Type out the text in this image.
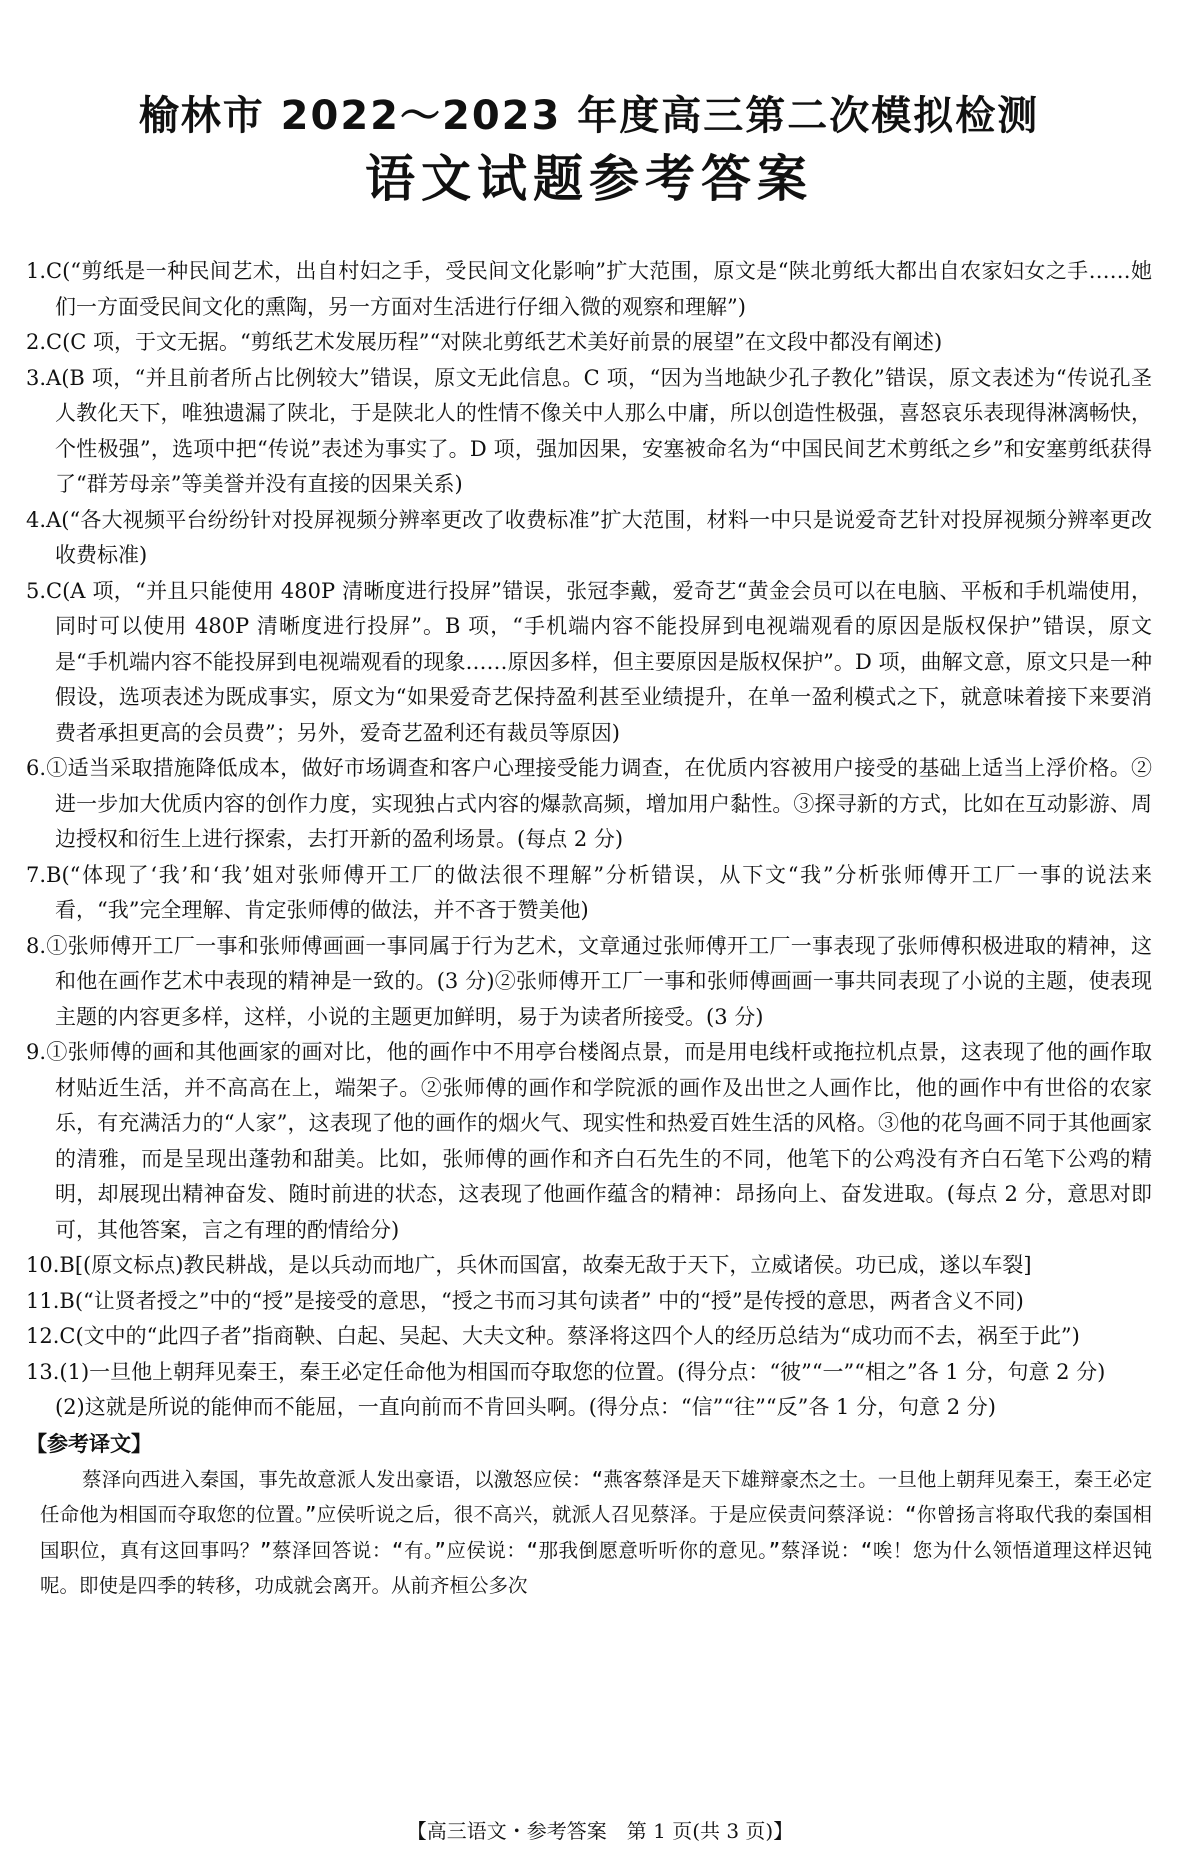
榆林市 2022～2023 年度高三第二次模拟检测
语文试题参考答案
1.C(“剪纸是一种民间艺术，出自村妇之手，受民间文化影响”扩大范围，原文是“陕北剪纸大都出自农家妇女之手……她们一方面受民间文化的熏陶，另一方面对生活进行仔细入微的观察和理解”)
2.C(C 项，于文无据。“剪纸艺术发展历程”“对陕北剪纸艺术美好前景的展望”在文段中都没有阐述)
3.A(B 项，“并且前者所占比例较大”错误，原文无此信息。C 项，“因为当地缺少孔子教化”错误，原文表述为“传说孔圣人教化天下，唯独遗漏了陕北，于是陕北人的性情不像关中人那么中庸，所以创造性极强，喜怒哀乐表现得淋漓畅快，个性极强”，选项中把“传说”表述为事实了。D 项，强加因果，安塞被命名为“中国民间艺术剪纸之乡”和安塞剪纸获得了“群芳母亲”等美誉并没有直接的因果关系)
4.A(“各大视频平台纷纷针对投屏视频分辨率更改了收费标准”扩大范围，材料一中只是说爱奇艺针对投屏视频分辨率更改收费标准)
5.C(A 项，“并且只能使用 480P 清晰度进行投屏”错误，张冠李戴，爱奇艺“黄金会员可以在电脑、平板和手机端使用，同时可以使用 480P 清晰度进行投屏”。B 项，“手机端内容不能投屏到电视端观看的原因是版权保护”错误，原文是“手机端内容不能投屏到电视端观看的现象……原因多样，但主要原因是版权保护”。D 项，曲解文意，原文只是一种假设，选项表述为既成事实，原文为“如果爱奇艺保持盈利甚至业绩提升，在单一盈利模式之下，就意味着接下来要消费者承担更高的会员费”；另外，爱奇艺盈利还有裁员等原因)
6.①适当采取措施降低成本，做好市场调查和客户心理接受能力调查，在优质内容被用户接受的基础上适当上浮价格。②进一步加大优质内容的创作力度，实现独占式内容的爆款高频，增加用户黏性。③探寻新的方式，比如在互动影游、周边授权和衍生上进行探索，去打开新的盈利场景。(每点 2 分)
7.B(“体现了‘我’和‘我’姐对张师傅开工厂的做法很不理解”分析错误，从下文“我”分析张师傅开工厂一事的说法来看，“我”完全理解、肯定张师傅的做法，并不吝于赞美他)
8.①张师傅开工厂一事和张师傅画画一事同属于行为艺术，文章通过张师傅开工厂一事表现了张师傅积极进取的精神，这和他在画作艺术中表现的精神是一致的。(3 分)②张师傅开工厂一事和张师傅画画一事共同表现了小说的主题，使表现主题的内容更多样，这样，小说的主题更加鲜明，易于为读者所接受。(3 分)
9.①张师傅的画和其他画家的画对比，他的画作中不用亭台楼阁点景，而是用电线杆或拖拉机点景，这表现了他的画作取材贴近生活，并不高高在上，端架子。②张师傅的画作和学院派的画作及出世之人画作比，他的画作中有世俗的农家乐，有充满活力的“人家”，这表现了他的画作的烟火气、现实性和热爱百姓生活的风格。③他的花鸟画不同于其他画家的清雅，而是呈现出蓬勃和甜美。比如，张师傅的画作和齐白石先生的不同，他笔下的公鸡没有齐白石笔下公鸡的精明，却展现出精神奋发、随时前进的状态，这表现了他画作蕴含的精神：昂扬向上、奋发进取。(每点 2 分，意思对即可，其他答案，言之有理的酌情给分)
10.B[(原文标点)教民耕战，是以兵动而地广，兵休而国富，故秦无敌于天下，立威诸侯。功已成，遂以车裂]
11.B(“让贤者授之”中的“授”是接受的意思，“授之书而习其句读者” 中的“授”是传授的意思，两者含义不同)
12.C(文中的“此四子者”指商鞅、白起、吴起、大夫文种。蔡泽将这四个人的经历总结为“成功而不去，祸至于此”)
13.(1)一旦他上朝拜见秦王，秦王必定任命他为相国而夺取您的位置。(得分点：“彼”“一”“相之”各 1 分，句意 2 分)
(2)这就是所说的能伸而不能屈，一直向前而不肯回头啊。(得分点：“信”“往”“反”各 1 分，句意 2 分)
【参考译文】
蔡泽向西进入秦国，事先故意派人发出豪语，以激怒应侯：“燕客蔡泽是天下雄辩豪杰之士。一旦他上朝拜见秦王，秦王必定任命他为相国而夺取您的位置。”应侯听说之后，很不高兴，就派人召见蔡泽。于是应侯责问蔡泽说：“你曾扬言将取代我的秦国相国职位，真有这回事吗？”蔡泽回答说：“有。”应侯说：“那我倒愿意听听你的意见。”蔡泽说：“唉！您为什么领悟道理这样迟钝呢。即使是四季的转移，功成就会离开。从前齐桓公多次
【高三语文・参考答案　第 1 页(共 3 页)】
